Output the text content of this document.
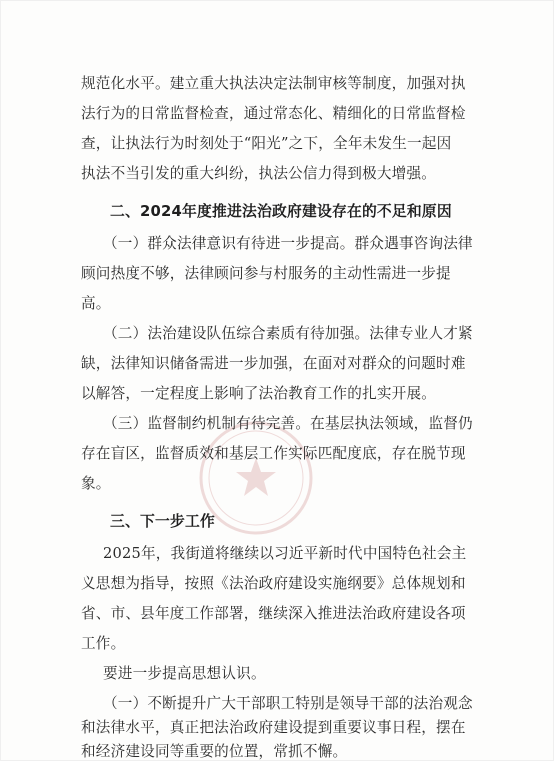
规范化水平。建立重大执法决定法制审核等制度，加强对执
法行为的日常监督检查，通过常态化、精细化的日常监督检
查，让执法行为时刻处于“阳光”之下，全年未发生一起因
执法不当引发的重大纠纷，执法公信力得到极大增强。
二、2024年度推进法治政府建设存在的不足和原因
（一）群众法律意识有待进一步提高。群众遇事咨询法律
顾问热度不够，法律顾问参与村服务的主动性需进一步提
高。
（二）法治建设队伍综合素质有待加强。法律专业人才紧
缺，法律知识储备需进一步加强，在面对对群众的问题时难
以解答，一定程度上影响了法治教育工作的扎实开展。
（三）监督制约机制有待完善。在基层执法领域，监督仍
存在盲区，监督质效和基层工作实际匹配度底，存在脱节现
象。
三、下一步工作
2025年，我街道将继续以习近平新时代中国特色社会主
义思想为指导，按照《法治政府建设实施纲要》总体规划和
省、市、县年度工作部署，继续深入推进法治政府建设各项
工作。
要进一步提高思想认识。
（一）不断提升广大干部职工特别是领导干部的法治观念
和法律水平，真正把法治政府建设提到重要议事日程，摆在
和经济建设同等重要的位置，常抓不懈。
